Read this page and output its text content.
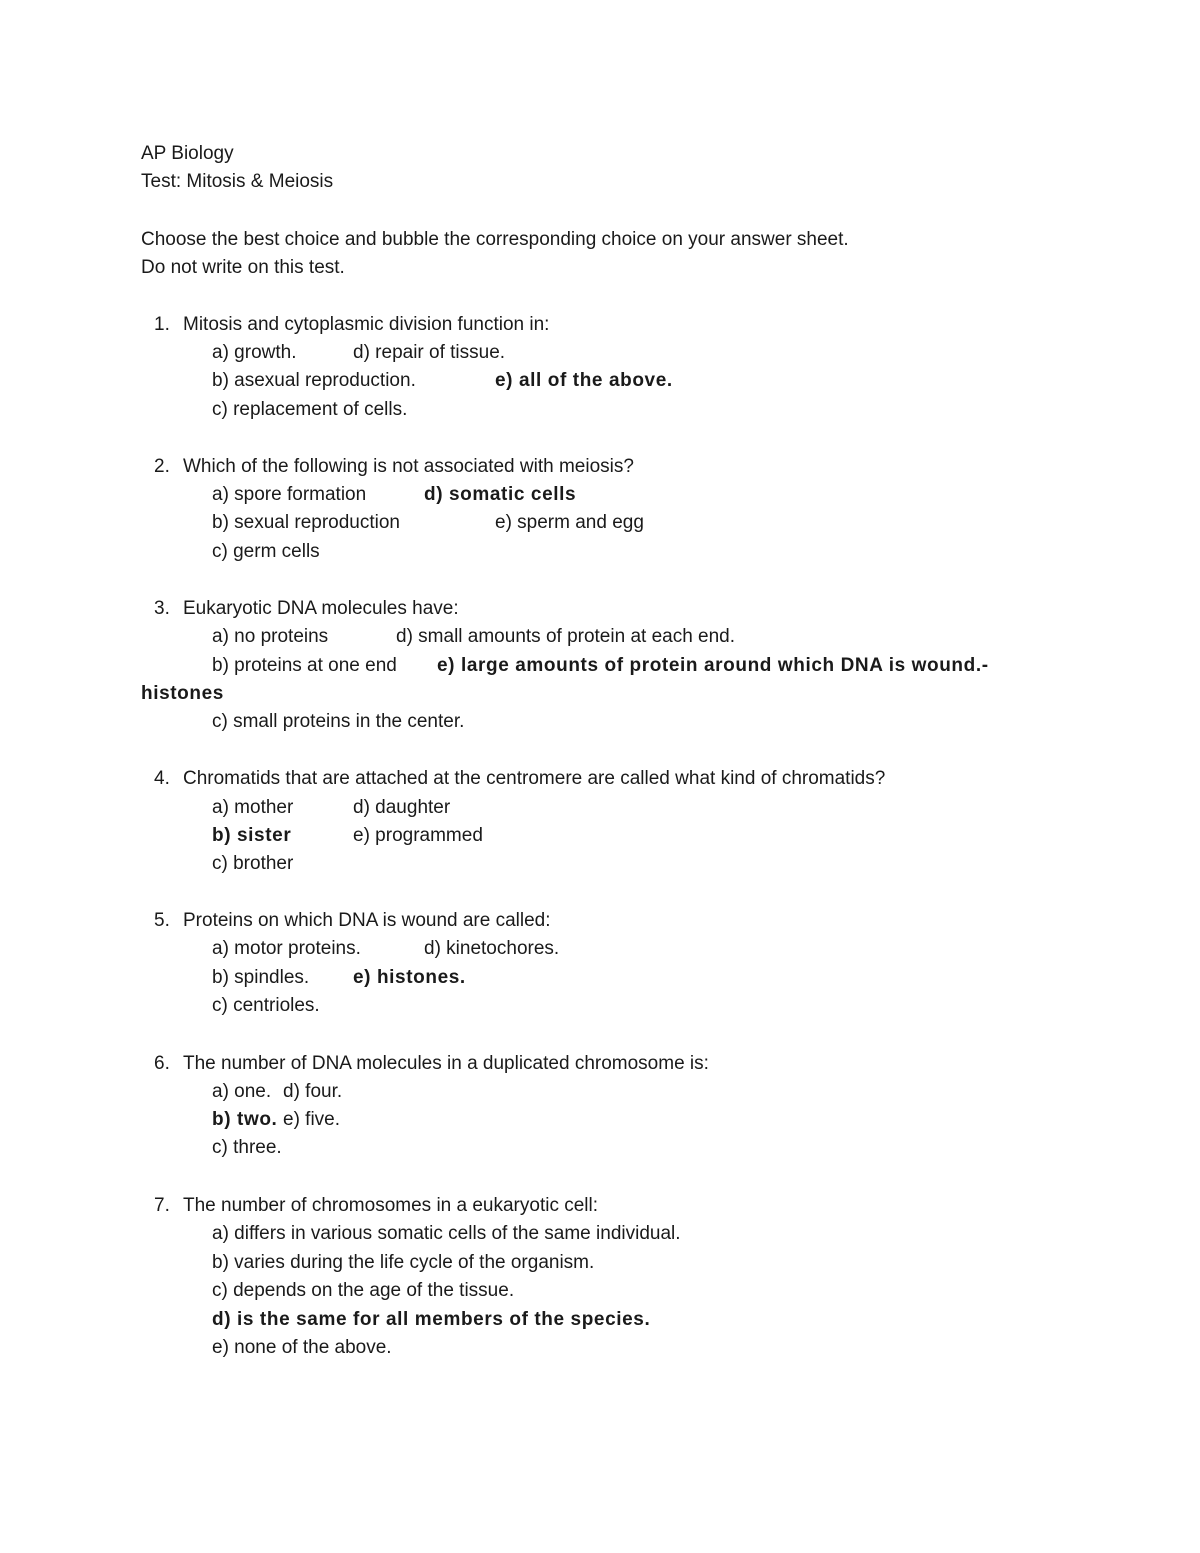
AP Biology
Test: Mitosis & Meiosis
Choose the best choice and bubble the corresponding choice on your answer sheet.
Do not write on this test.
1. Mitosis and cytoplasmic division function in:
a) growth.	d) repair of tissue.
b) asexual reproduction.	e) all of the above.
c) replacement of cells.
2. Which of the following is not associated with meiosis?
a) spore formation	d) somatic cells
b) sexual reproduction	e) sperm and egg
c) germ cells
3. Eukaryotic DNA molecules have:
a) no proteins	d) small amounts of protein at each end.
b) proteins at one end e) large amounts of protein around which DNA is wound.-
histones
c) small proteins in the center.
4. Chromatids that are attached at the centromere are called what kind of chromatids?
a) mother	d) daughter
b) sister	e) programmed
c) brother
5. Proteins on which DNA is wound are called:
a) motor proteins.	d) kinetochores.
b) spindles. e) histones.
c) centrioles.
6. The number of DNA molecules in a duplicated chromosome is:
a) one. d) four.
b) two. e) five.
c) three.
7. The number of chromosomes in a eukaryotic cell:
a) differs in various somatic cells of the same individual.
b) varies during the life cycle of the organism.
c) depends on the age of the tissue.
d) is the same for all members of the species.
e) none of the above.
